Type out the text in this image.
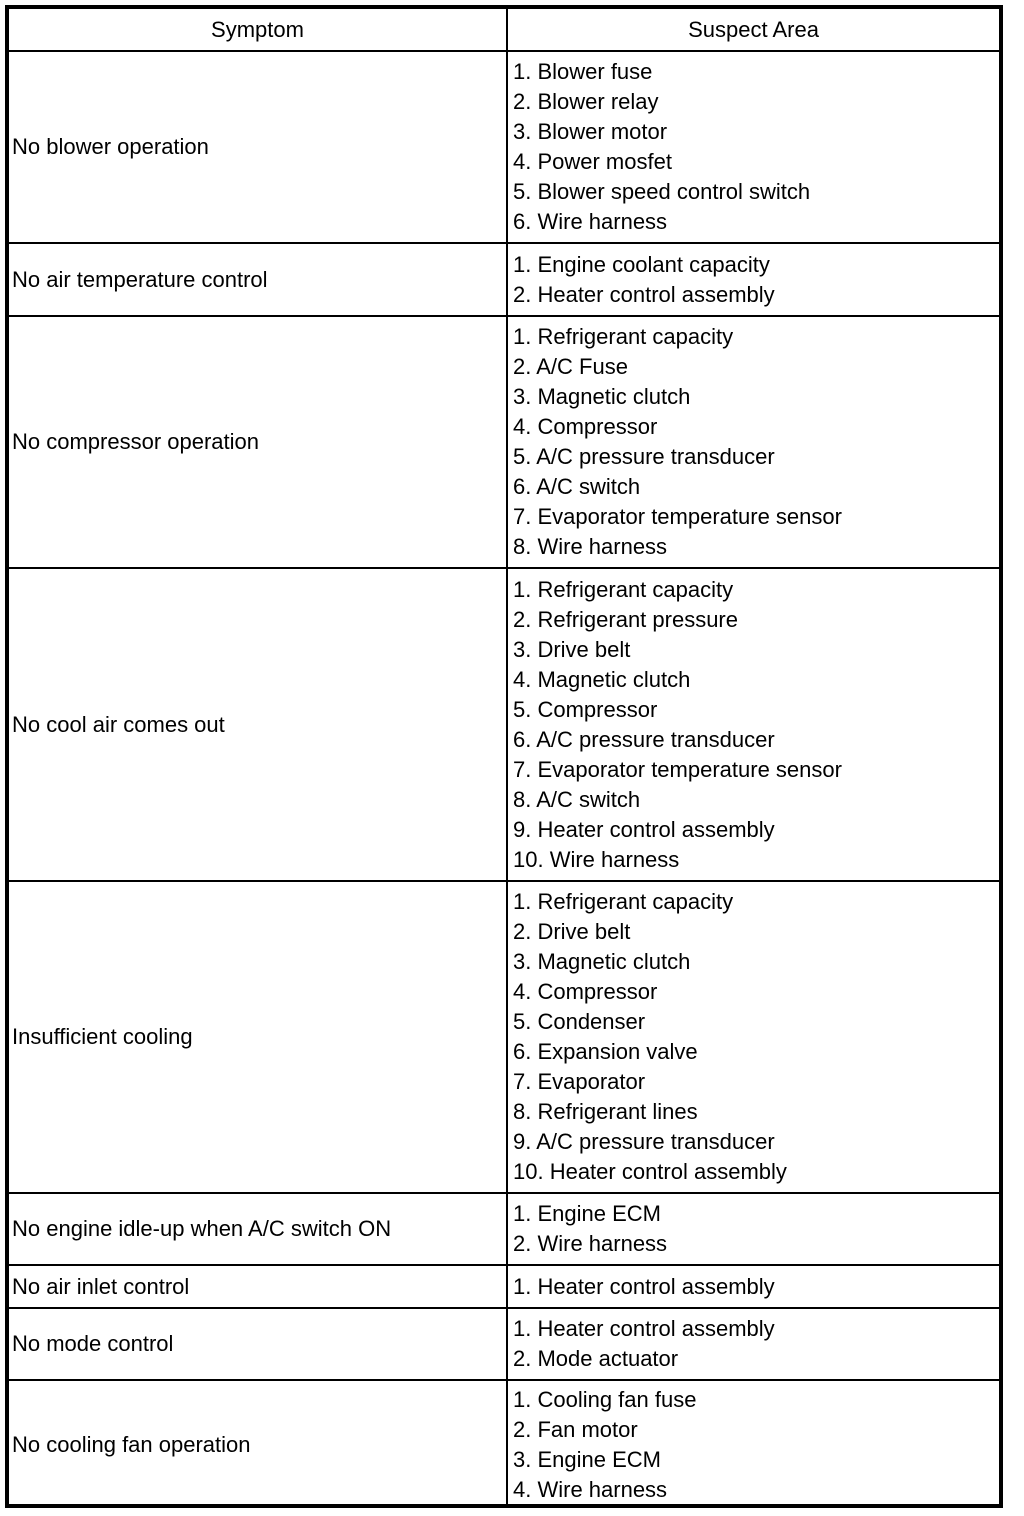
Symptom	Suspect Area
No blower operation
1. Blower fuse
2. Blower relay
3. Blower motor
4. Power mosfet
5. Blower speed control switch
6. Wire harness
No air temperature control
1. Engine coolant capacity
2. Heater control assembly
No compressor operation
1. Refrigerant capacity
2. A/C Fuse
3. Magnetic clutch
4. Compressor
5. A/C pressure transducer
6. A/C switch
7. Evaporator temperature sensor
8. Wire harness
No cool air comes out
1. Refrigerant capacity
2. Refrigerant pressure
3. Drive belt
4. Magnetic clutch
5. Compressor
6. A/C pressure transducer
7. Evaporator temperature sensor
8. A/C switch
9. Heater control assembly
10. Wire harness
Insufficient cooling
1. Refrigerant capacity
2. Drive belt
3. Magnetic clutch
4. Compressor
5. Condenser
6. Expansion valve
7. Evaporator
8. Refrigerant lines
9. A/C pressure transducer
10. Heater control assembly
No engine idle-up when A/C switch ON
1. Engine ECM
2. Wire harness
No air inlet control	1. Heater control assembly
No mode control
1. Heater control assembly
2. Mode actuator
No cooling fan operation
1. Cooling fan fuse
2. Fan motor
3. Engine ECM
4. Wire harness
